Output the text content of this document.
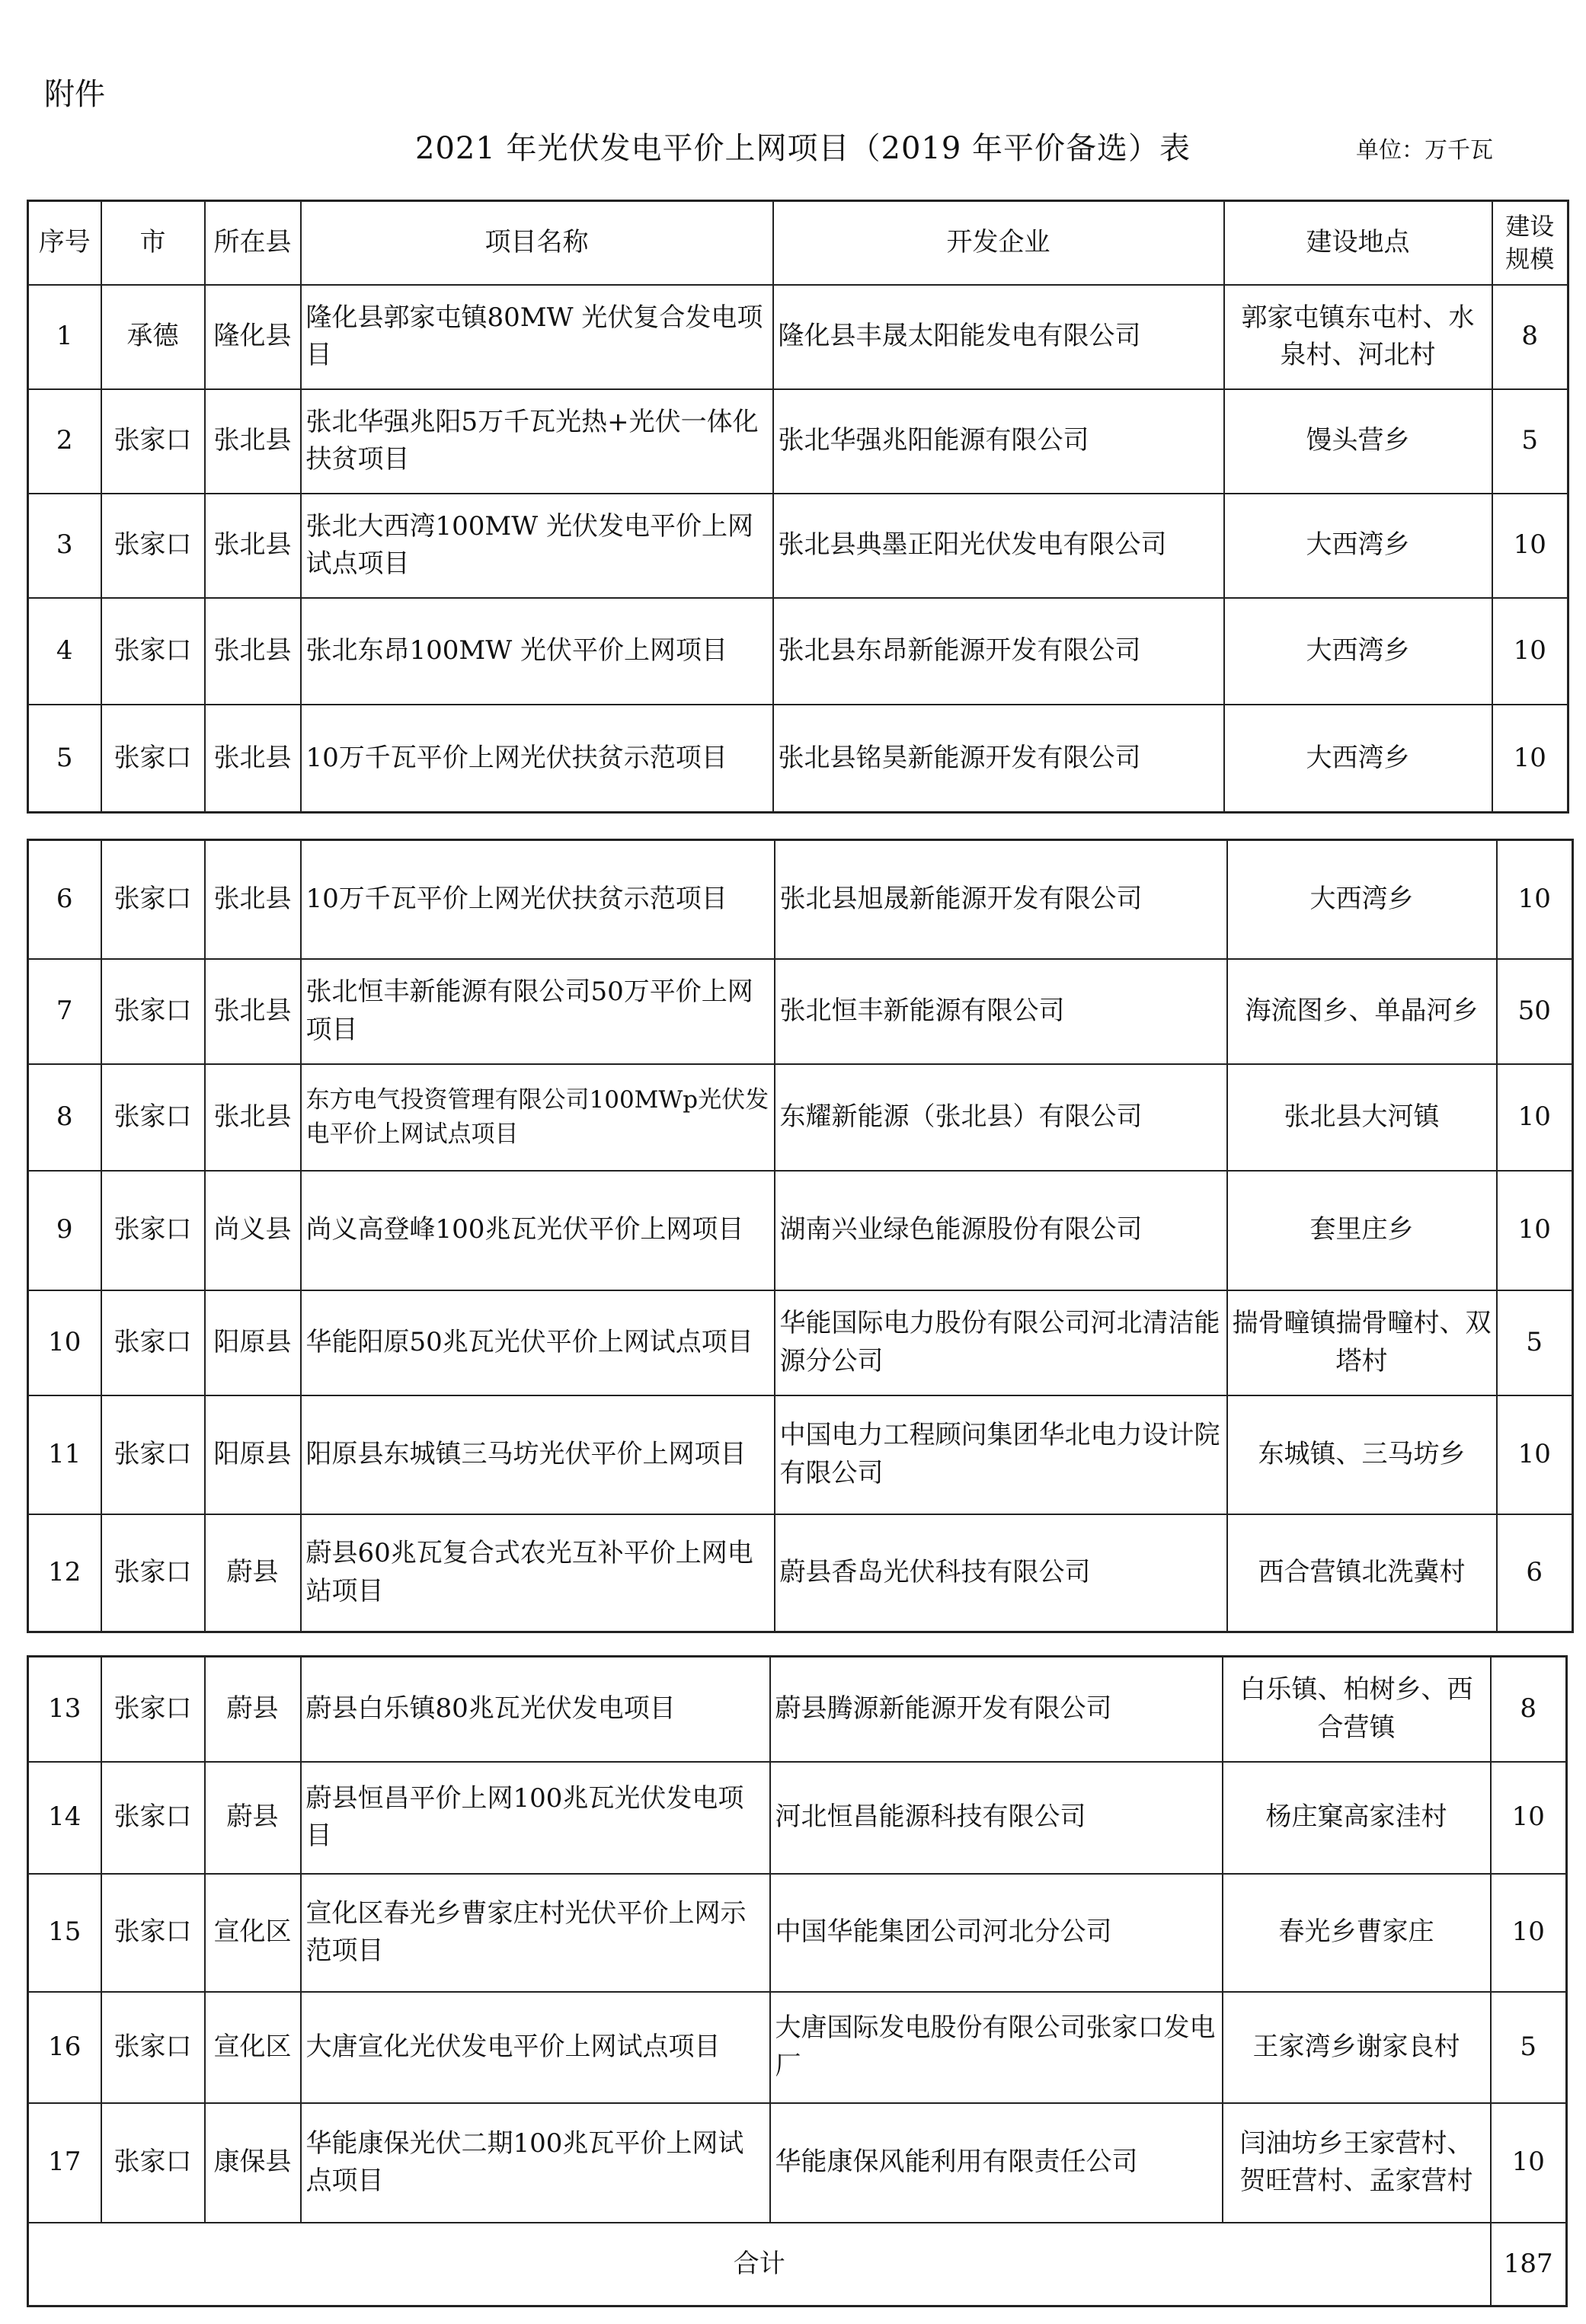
附件
2021 年光伏发电平价上网项目（2019 年平价备选）表	单位：万千瓦
序号	市	所在县	项目名称	开发企业	建设地点	建设规模
1	承德	隆化县	隆化县郭家屯镇80MW 光伏复合发电项目	隆化县丰晟太阳能发电有限公司	郭家屯镇东屯村、水泉村、河北村	8
2	张家口	张北县	张北华强兆阳5万千瓦光热+光伏一体化扶贫项目	张北华强兆阳能源有限公司	馒头营乡	5
3	张家口	张北县	张北大西湾100MW 光伏发电平价上网试点项目	张北县典墨正阳光伏发电有限公司	大西湾乡	10
4	张家口	张北县	张北东昂100MW 光伏平价上网项目	张北县东昂新能源开发有限公司	大西湾乡	10
5	张家口	张北县	10万千瓦平价上网光伏扶贫示范项目	张北县铭昊新能源开发有限公司	大西湾乡	10
6	张家口	张北县	10万千瓦平价上网光伏扶贫示范项目	张北县旭晟新能源开发有限公司	大西湾乡	10
7	张家口	张北县	张北恒丰新能源有限公司50万平价上网项目	张北恒丰新能源有限公司	海流图乡、单晶河乡	50
8	张家口	张北县	东方电气投资管理有限公司100MWp光伏发电平价上网试点项目	东耀新能源（张北县）有限公司	张北县大河镇	10
9	张家口	尚义县	尚义高登峰100兆瓦光伏平价上网项目	湖南兴业绿色能源股份有限公司	套里庄乡	10
10	张家口	阳原县	华能阳原50兆瓦光伏平价上网试点项目	华能国际电力股份有限公司河北清洁能源分公司	揣骨疃镇揣骨疃村、双塔村	5
11	张家口	阳原县	阳原县东城镇三马坊光伏平价上网项目	中国电力工程顾问集团华北电力设计院有限公司	东城镇、三马坊乡	10
12	张家口	蔚县	蔚县60兆瓦复合式农光互补平价上网电站项目	蔚县香岛光伏科技有限公司	西合营镇北洗冀村	6
13	张家口	蔚县	蔚县白乐镇80兆瓦光伏发电项目	蔚县腾源新能源开发有限公司	白乐镇、柏树乡、西合营镇	8
14	张家口	蔚县	蔚县恒昌平价上网100兆瓦光伏发电项目	河北恒昌能源科技有限公司	杨庄窠高家洼村	10
15	张家口	宣化区	宣化区春光乡曹家庄村光伏平价上网示范项目	中国华能集团公司河北分公司	春光乡曹家庄	10
16	张家口	宣化区	大唐宣化光伏发电平价上网试点项目	大唐国际发电股份有限公司张家口发电厂	王家湾乡谢家良村	5
17	张家口	康保县	华能康保光伏二期100兆瓦平价上网试点项目	华能康保风能利用有限责任公司	闫油坊乡王家营村、贺旺营村、孟家营村	10
合计						187
